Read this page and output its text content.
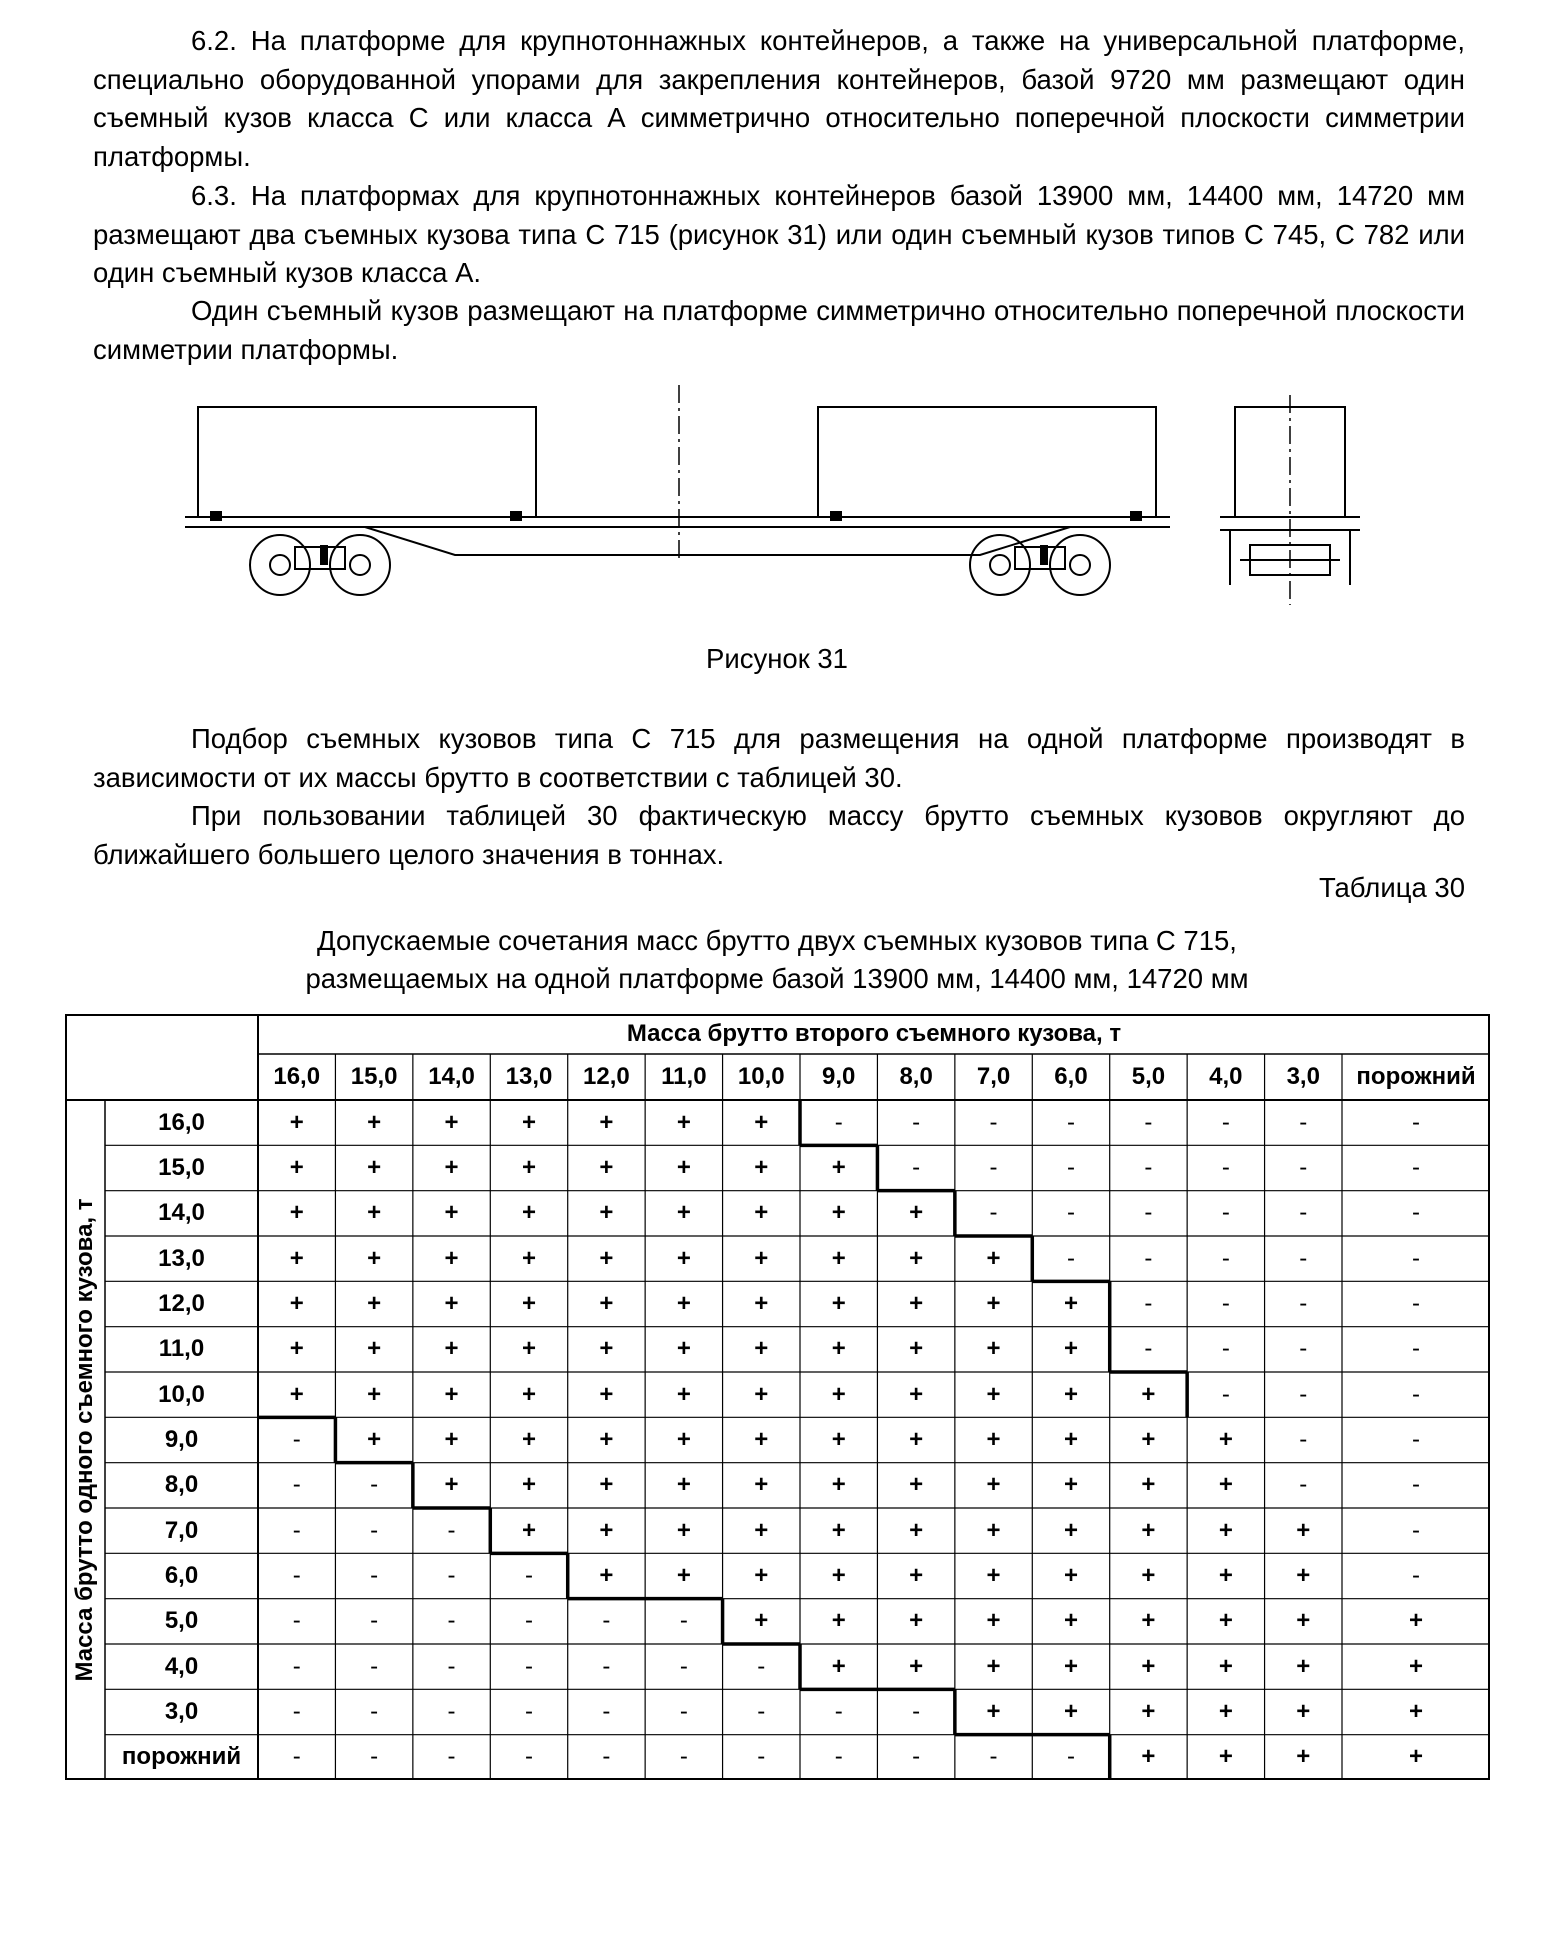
6.2. На платформе для крупнотоннажных контейнеров, а также на универсальной платформе, специально оборудованной упорами для закрепления контейнеров, базой 9720 мм размещают один съемный кузов класса С или класса А симметрично относительно поперечной плоскости симметрии платформы.

6.3. На платформах для крупнотоннажных контейнеров базой 13900 мм, 14400 мм, 14720 мм размещают два съемных кузова типа С 715 (рисунок 31) или один съемный кузов типов С 745, С 782 или один съемный кузов класса А.

Один съемный кузов размещают на платформе симметрично относительно поперечной плоскости симметрии платформы.

Рисунок 31

Подбор съемных кузовов типа С 715 для размещения на одной платформе производят в зависимости от их массы брутто в соответствии с таблицей 30.

При пользовании таблицей 30 фактическую массу брутто съемных кузовов округляют до ближайшего большего целого значения в тоннах.

Таблица 30

Допускаемые сочетания масс брутто двух съемных кузовов типа С 715,
размещаемых на одной платформе базой 13900 мм, 14400 мм, 14720 мм

Масса брутто второго съемного кузова, т
16,0	15,0	14,0	13,0	12,0	11,0	10,0	9,0	8,0	7,0	6,0	5,0	4,0	3,0	порожний
Масса брутто одного съемного кузова, т
16,0	+	+	+	+	+	+	+	-	-	-	-	-	-	-	-
15,0	+	+	+	+	+	+	+	+	-	-	-	-	-	-	-
14,0	+	+	+	+	+	+	+	+	+	-	-	-	-	-	-
13,0	+	+	+	+	+	+	+	+	+	+	-	-	-	-	-
12,0	+	+	+	+	+	+	+	+	+	+	+	-	-	-	-
11,0	+	+	+	+	+	+	+	+	+	+	+	-	-	-	-
10,0	+	+	+	+	+	+	+	+	+	+	+	+	-	-	-
9,0	-	+	+	+	+	+	+	+	+	+	+	+	+	-	-
8,0	-	-	+	+	+	+	+	+	+	+	+	+	+	-	-
7,0	-	-	-	+	+	+	+	+	+	+	+	+	+	+	-
6,0	-	-	-	-	+	+	+	+	+	+	+	+	+	+	-
5,0	-	-	-	-	-	-	+	+	+	+	+	+	+	+	+
4,0	-	-	-	-	-	-	-	+	+	+	+	+	+	+	+
3,0	-	-	-	-	-	-	-	-	-	+	+	+	+	+	+
порожний	-	-	-	-	-	-	-	-	-	-	-	+	+	+	+
